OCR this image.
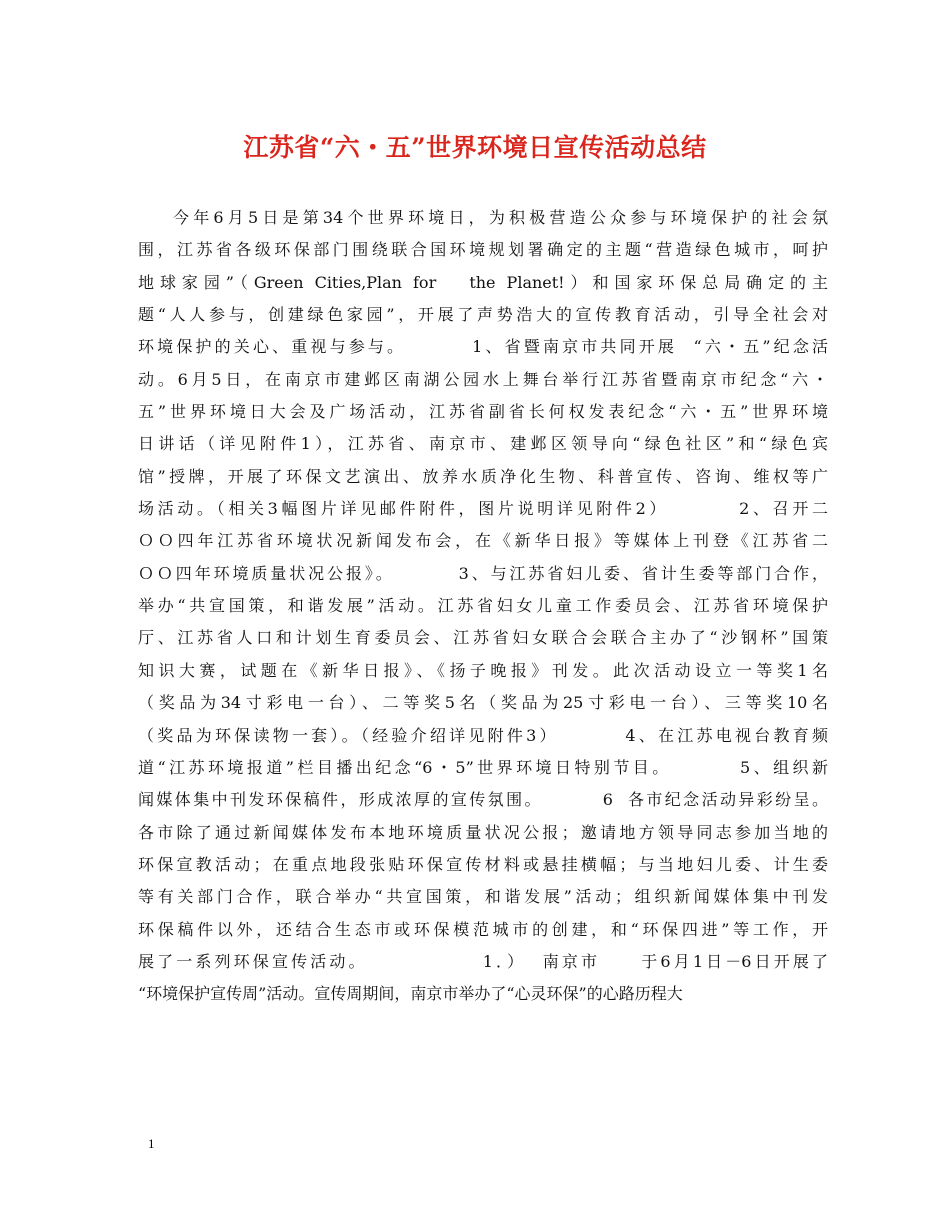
江苏省“六・五”世界环境日宣传活动总结
今年6月5日是第34个世界环境日，为积极营造公众参与环境保护的社会氛
围，江苏省各级环保部门围绕联合国环境规划署确定的主题“营造绿色城市，呵护
地球家园”（Green Cities,Plan for   the Planet!）和国家环保总局确定的主
题“人人参与，创建绿色家园”，开展了声势浩大的宣传教育活动，引导全社会对
环境保护的关心、重视与参与。        1、省暨南京市共同开展  “六・五”纪念活
动。6月5日，在南京市建邺区南湖公园水上舞台举行江苏省暨南京市纪念“六・
五”世界环境日大会及广场活动，江苏省副省长何权发表纪念“六・五”世界环境
日讲话（详见附件1），江苏省、南京市、建邺区领导向“绿色社区”和“绿色宾
馆”授牌，开展了环保文艺演出、放养水质净化生物、科普宣传、咨询、维权等广
场活动。（相关3幅图片详见邮件附件，图片说明详见附件2）        2、召开二
ＯＯ四年江苏省环境状况新闻发布会，在《新华日报》等媒体上刊登《江苏省二
ＯＯ四年环境质量状况公报》。        3、与江苏省妇儿委、省计生委等部门合作，
举办“共宣国策，和谐发展”活动。江苏省妇女儿童工作委员会、江苏省环境保护
厅、江苏省人口和计划生育委员会、江苏省妇女联合会联合主办了“沙钢杯”国策
知识大赛，试题在《新华日报》、《扬子晚报》刊发。此次活动设立一等奖1名
（奖品为34寸彩电一台）、二等奖5名（奖品为25寸彩电一台）、三等奖10名
（奖品为环保读物一套）。（经验介绍详见附件3）        4、在江苏电视台教育频
道“江苏环境报道”栏目播出纪念“6・5”世界环境日特别节目。        5、组织新
闻媒体集中刊发环保稿件，形成浓厚的宣传氛围。        6  各市纪念活动异彩纷呈。
各市除了通过新闻媒体发布本地环境质量状况公报；邀请地方领导同志参加当地的
环保宣教活动；在重点地段张贴环保宣传材料或悬挂横幅；与当地妇儿委、计生委
等有关部门合作，联合举办“共宣国策，和谐发展”活动；组织新闻媒体集中刊发
环保稿件以外，还结合生态市或环保模范城市的创建，和“环保四进”等工作，开
展了一系列环保宣传活动。              1．）  南京市     于6月1日－6日开展了
“环境保护宣传周”活动。宣传周期间，南京市举办了“心灵环保”的心路历程大
1
